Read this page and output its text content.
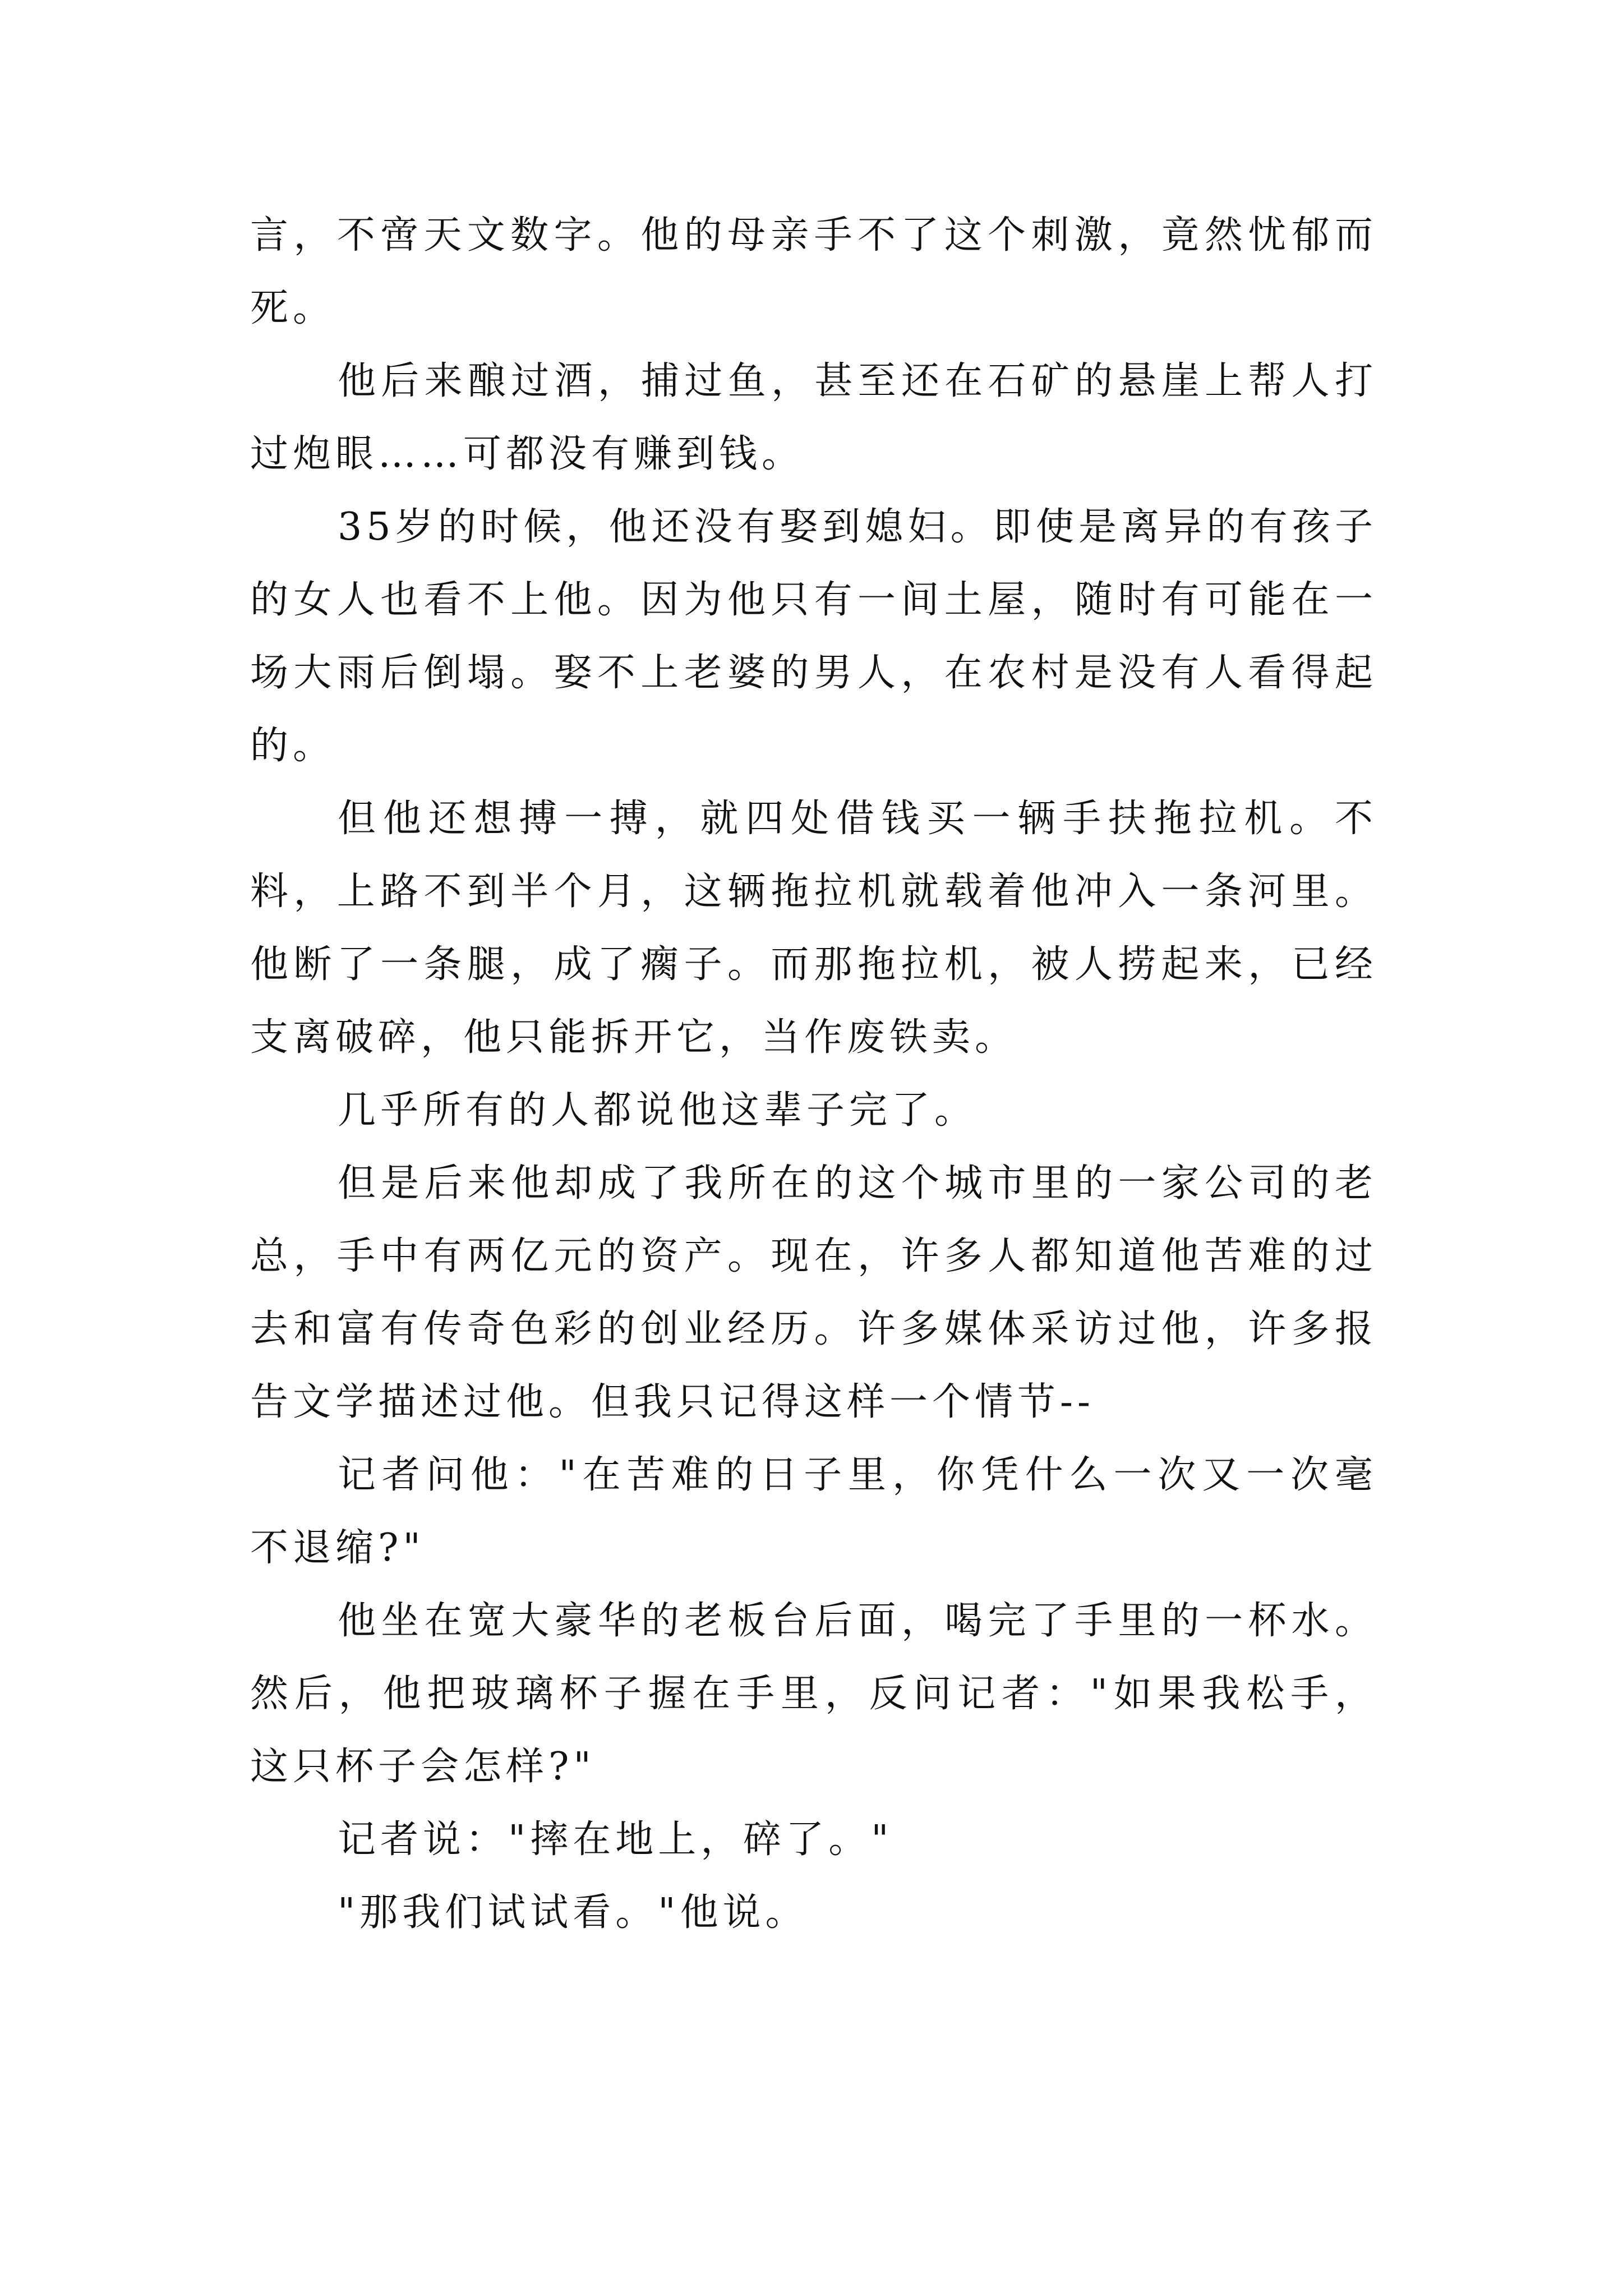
言，不啻天文数字。他的母亲手不了这个刺激，竟然忧郁而死。

他后来酿过酒，捕过鱼，甚至还在石矿的悬崖上帮人打过炮眼……可都没有赚到钱。

35岁的时候，他还没有娶到媳妇。即使是离异的有孩子的女人也看不上他。因为他只有一间土屋，随时有可能在一场大雨后倒塌。娶不上老婆的男人，在农村是没有人看得起的。

但他还想搏一搏，就四处借钱买一辆手扶拖拉机。不料，上路不到半个月，这辆拖拉机就载着他冲入一条河里。他断了一条腿，成了瘸子。而那拖拉机，被人捞起来，已经支离破碎，他只能拆开它，当作废铁卖。

几乎所有的人都说他这辈子完了。

但是后来他却成了我所在的这个城市里的一家公司的老总，手中有两亿元的资产。现在，许多人都知道他苦难的过去和富有传奇色彩的创业经历。许多媒体采访过他，许多报告文学描述过他。但我只记得这样一个情节--

记者问他："在苦难的日子里，你凭什么一次又一次毫不退缩?"

他坐在宽大豪华的老板台后面，喝完了手里的一杯水。然后，他把玻璃杯子握在手里，反问记者："如果我松手，这只杯子会怎样?"

记者说："摔在地上，碎了。"

"那我们试试看。"他说。
